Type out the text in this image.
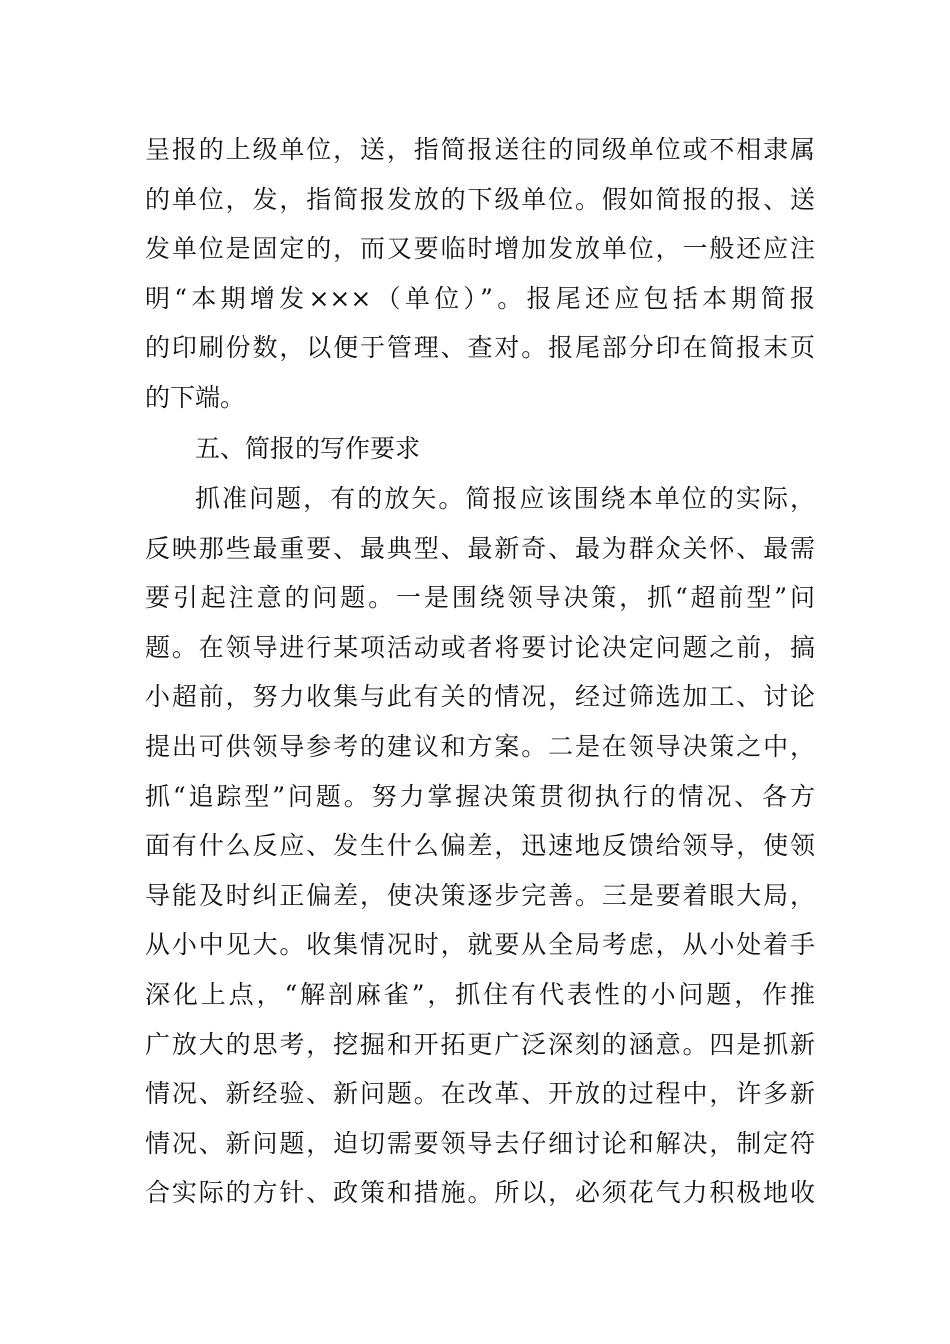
呈报的上级单位，送，指简报送往的同级单位或不相隶属
的单位，发，指简报发放的下级单位。假如简报的报、送
发单位是固定的，而又要临时增加发放单位，一般还应注
明“本期增发×××（单位）”。报尾还应包括本期简报
的印刷份数，以便于管理、查对。报尾部分印在简报末页
的下端。
五、简报的写作要求
抓准问题，有的放矢。简报应该围绕本单位的实际，
反映那些最重要、最典型、最新奇、最为群众关怀、最需
要引起注意的问题。一是围绕领导决策，抓“超前型”问
题。在领导进行某项活动或者将要讨论决定问题之前，搞
小超前，努力收集与此有关的情况，经过筛选加工、讨论
提出可供领导参考的建议和方案。二是在领导决策之中，
抓“追踪型”问题。努力掌握决策贯彻执行的情况、各方
面有什么反应、发生什么偏差，迅速地反馈给领导，使领
导能及时纠正偏差，使决策逐步完善。三是要着眼大局，
从小中见大。收集情况时，就要从全局考虑，从小处着手
深化上点，“解剖麻雀”，抓住有代表性的小问题，作推
广放大的思考，挖掘和开拓更广泛深刻的涵意。四是抓新
情况、新经验、新问题。在改革、开放的过程中，许多新
情况、新问题，迫切需要领导去仔细讨论和解决，制定符
合实际的方针、政策和措施。所以，必须花气力积极地收
